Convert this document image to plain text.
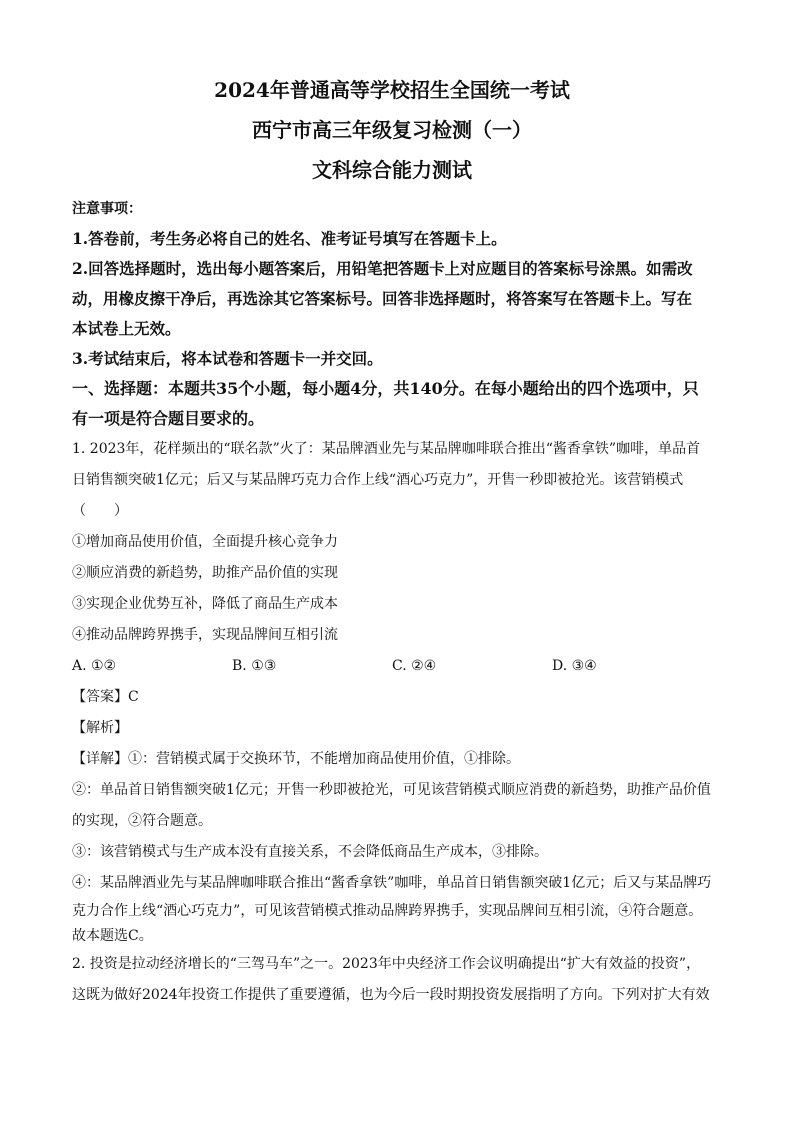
2024年普通高等学校招生全国统一考试

西宁市高三年级复习检测（一）

文科综合能力测试

注意事项：

1.答卷前，考生务必将自己的姓名、准考证号填写在答题卡上。

2.回答选择题时，选出每小题答案后，用铅笔把答题卡上对应题目的答案标号涂黑。如需改

动，用橡皮擦干净后，再选涂其它答案标号。回答非选择题时，将答案写在答题卡上。写在

本试卷上无效。

3.考试结束后，将本试卷和答题卡一并交回。

一、选择题：本题共35个小题，每小题4分，共140分。在每小题给出的四个选项中，只

有一项是符合题目要求的。

1. 2023年，花样频出的“联名款”火了：某品牌酒业先与某品牌咖啡联合推出“酱香拿铁”咖啡，单品首

日销售额突破1亿元；后又与某品牌巧克力合作上线“酒心巧克力”，开售一秒即被抢光。该营销模式

（　　）

①增加商品使用价值，全面提升核心竞争力

②顺应消费的新趋势，助推产品价值的实现

③实现企业优势互补，降低了商品生产成本

④推动品牌跨界携手，实现品牌间互相引流

A. ①②	B. ①③	C. ②④	D. ③④

【答案】C

【解析】

【详解】①：营销模式属于交换环节，不能增加商品使用价值，①排除。

②：单品首日销售额突破1亿元；开售一秒即被抢光，可见该营销模式顺应消费的新趋势，助推产品价值

的实现，②符合题意。

③：该营销模式与生产成本没有直接关系，不会降低商品生产成本，③排除。

④：某品牌酒业先与某品牌咖啡联合推出“酱香拿铁”咖啡，单品首日销售额突破1亿元；后又与某品牌巧

克力合作上线“酒心巧克力”，可见该营销模式推动品牌跨界携手，实现品牌间互相引流，④符合题意。

故本题选C。

2. 投资是拉动经济增长的“三驾马车”之一。2023年中央经济工作会议明确提出“扩大有效益的投资”，

这既为做好2024年投资工作提供了重要遵循，也为今后一段时期投资发展指明了方向。下列对扩大有效
